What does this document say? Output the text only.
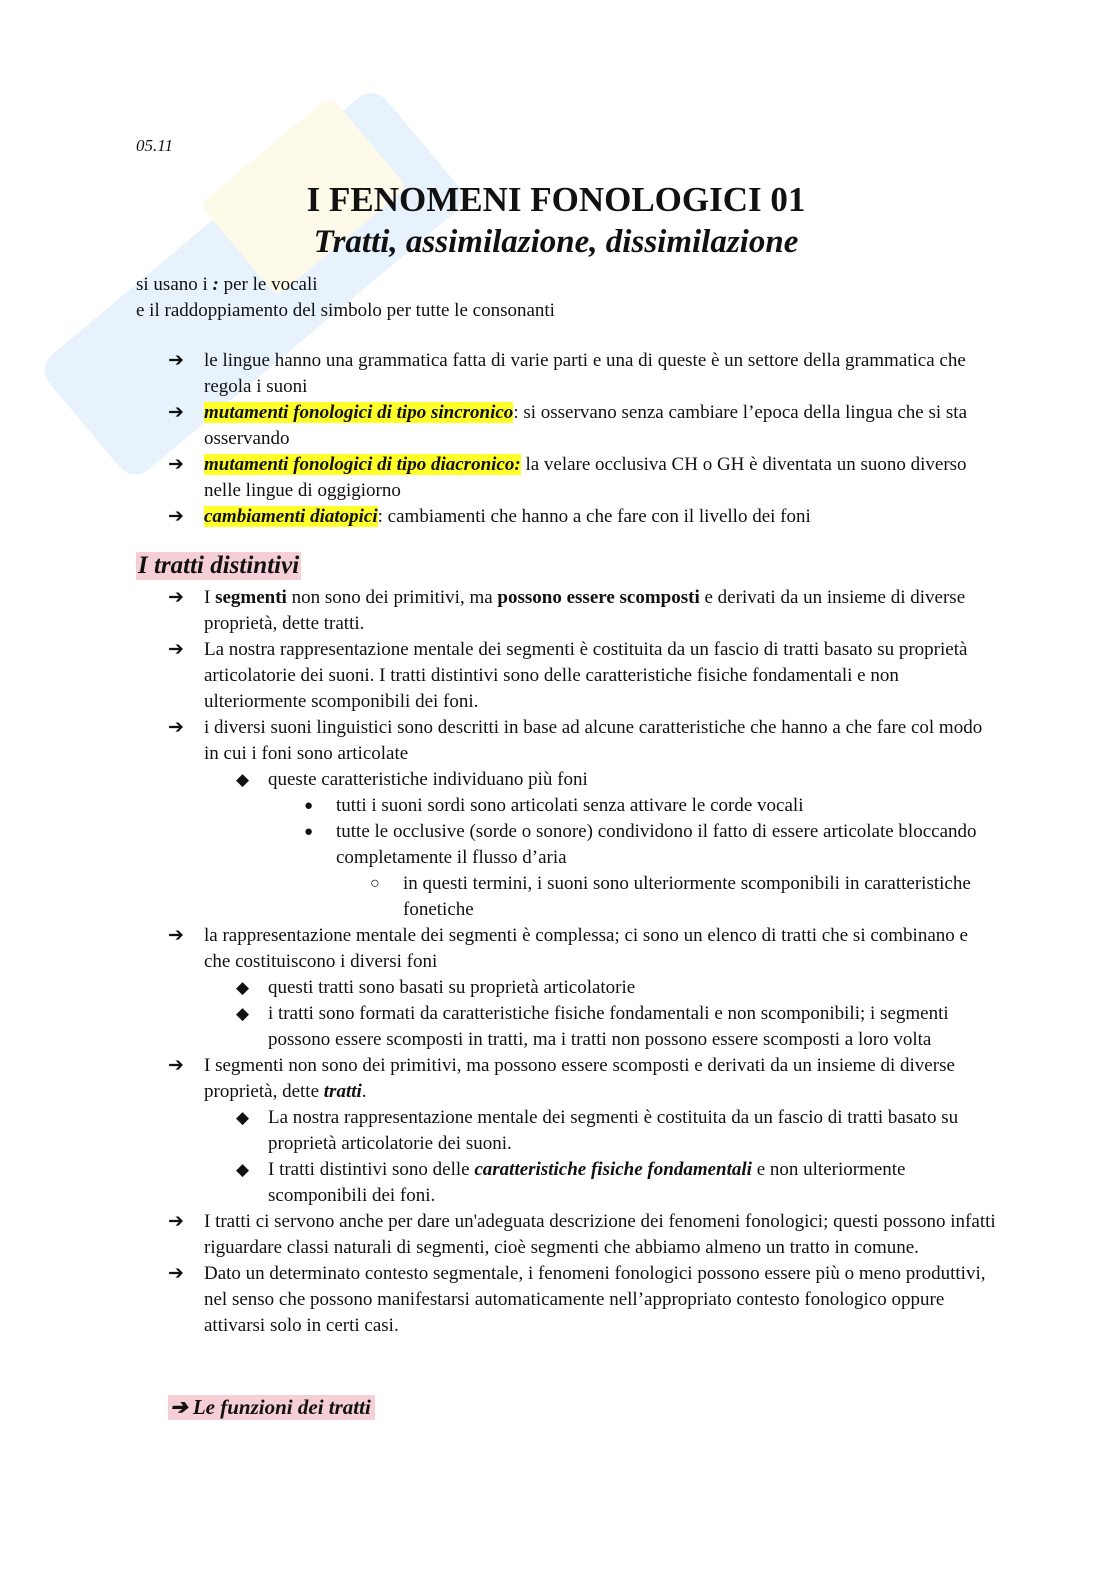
05.11
I FENOMENI FONOLOGICI 01
Tratti, assimilazione, dissimilazione
si usano i : per le vocali
e il raddoppiamento del simbolo per tutte le consonanti
➔ le lingue hanno una grammatica fatta di varie parti e una di queste è un settore della grammatica che regola i suoni
➔ mutamenti fonologici di tipo sincronico: si osservano senza cambiare l’epoca della lingua che si sta osservando
➔ mutamenti fonologici di tipo diacronico: la velare occlusiva CH o GH è diventata un suono diverso nelle lingue di oggigiorno
➔ cambiamenti diatopici: cambiamenti che hanno a che fare con il livello dei foni
I tratti distintivi
➔ I segmenti non sono dei primitivi, ma possono essere scomposti e derivati da un insieme di diverse proprietà, dette tratti.
➔ La nostra rappresentazione mentale dei segmenti è costituita da un fascio di tratti basato su proprietà articolatorie dei suoni. I tratti distintivi sono delle caratteristiche fisiche fondamentali e non ulteriormente scomponibili dei foni.
➔ i diversi suoni linguistici sono descritti in base ad alcune caratteristiche che hanno a che fare col modo in cui i foni sono articolate
◆ queste caratteristiche individuano più foni
● tutti i suoni sordi sono articolati senza attivare le corde vocali
● tutte le occlusive (sorde o sonore) condividono il fatto di essere articolate bloccando completamente il flusso d’aria
○ in questi termini, i suoni sono ulteriormente scomponibili in caratteristiche fonetiche
➔ la rappresentazione mentale dei segmenti è complessa; ci sono un elenco di tratti che si combinano e che costituiscono i diversi foni
◆ questi tratti sono basati su proprietà articolatorie
◆ i tratti sono formati da caratteristiche fisiche fondamentali e non scomponibili; i segmenti possono essere scomposti in tratti, ma i tratti non possono essere scomposti a loro volta
➔ I segmenti non sono dei primitivi, ma possono essere scomposti e derivati da un insieme di diverse proprietà, dette tratti.
◆ La nostra rappresentazione mentale dei segmenti è costituita da un fascio di tratti basato su proprietà articolatorie dei suoni.
◆ I tratti distintivi sono delle caratteristiche fisiche fondamentali e non ulteriormente scomponibili dei foni.
➔ I tratti ci servono anche per dare un'adeguata descrizione dei fenomeni fonologici; questi possono infatti riguardare classi naturali di segmenti, cioè segmenti che abbiamo almeno un tratto in comune.
➔ Dato un determinato contesto segmentale, i fenomeni fonologici possono essere più o meno produttivi, nel senso che possono manifestarsi automaticamente nell’appropriato contesto fonologico oppure attivarsi solo in certi casi.
➔ Le funzioni dei tratti
